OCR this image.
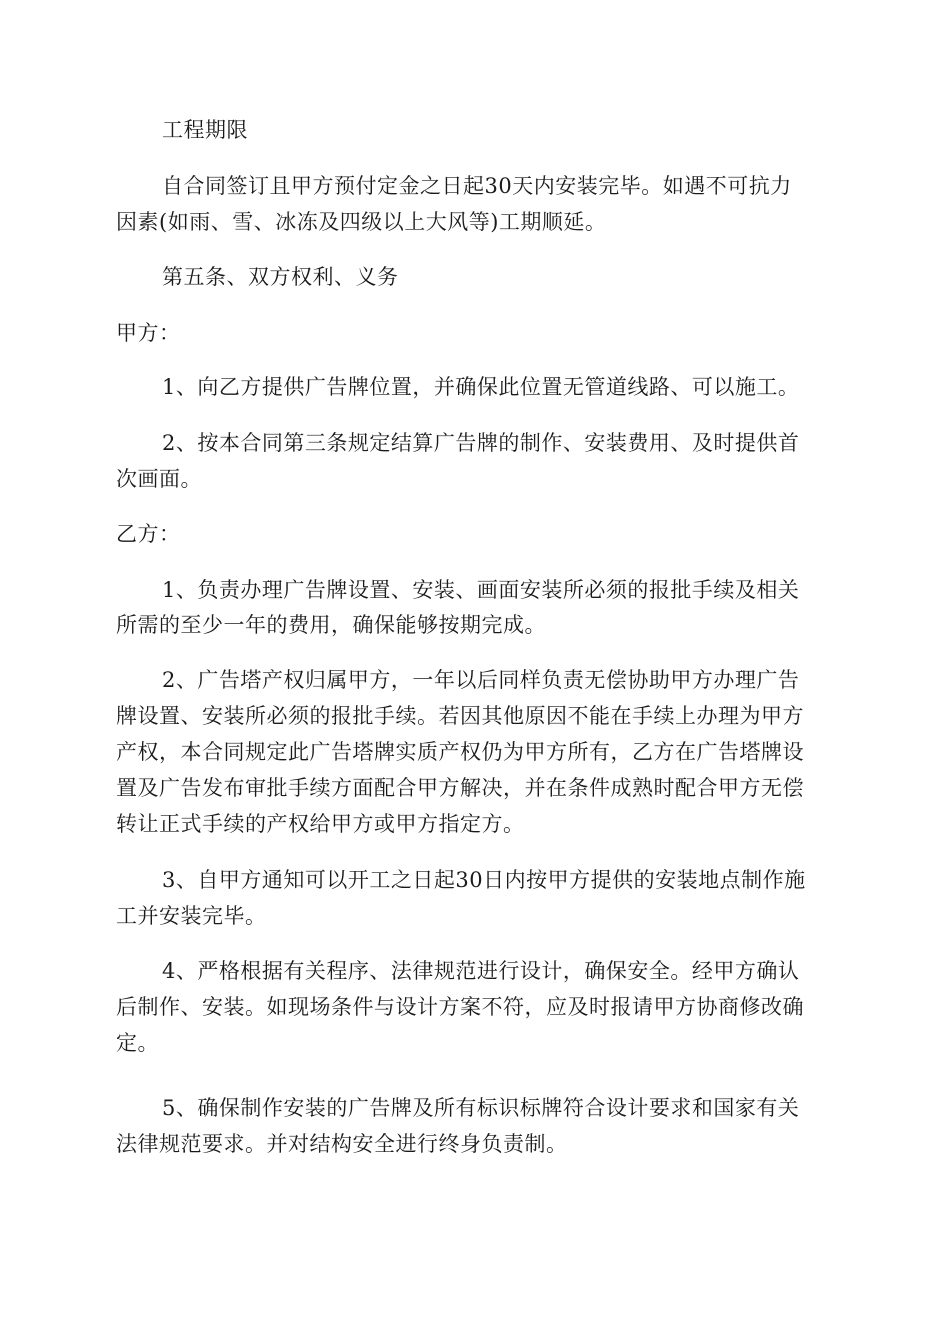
工程期限

自合同签订且甲方预付定金之日起30天内安装完毕。如遇不可抗力

因素(如雨、雪、冰冻及四级以上大风等)工期顺延。

第五条、双方权利、义务

甲方：

1、向乙方提供广告牌位置，并确保此位置无管道线路、可以施工。

2、按本合同第三条规定结算广告牌的制作、安装费用、及时提供首

次画面。

乙方：

1、负责办理广告牌设置、安装、画面安装所必须的报批手续及相关

所需的至少一年的费用，确保能够按期完成。

2、广告塔产权归属甲方，一年以后同样负责无偿协助甲方办理广告

牌设置、安装所必须的报批手续。若因其他原因不能在手续上办理为甲方

产权，本合同规定此广告塔牌实质产权仍为甲方所有，乙方在广告塔牌设

置及广告发布审批手续方面配合甲方解决，并在条件成熟时配合甲方无偿

转让正式手续的产权给甲方或甲方指定方。

3、自甲方通知可以开工之日起30日内按甲方提供的安装地点制作施

工并安装完毕。

4、严格根据有关程序、法律规范进行设计，确保安全。经甲方确认

后制作、安装。如现场条件与设计方案不符，应及时报请甲方协商修改确

定。

5、确保制作安装的广告牌及所有标识标牌符合设计要求和国家有关

法律规范要求。并对结构安全进行终身负责制。
